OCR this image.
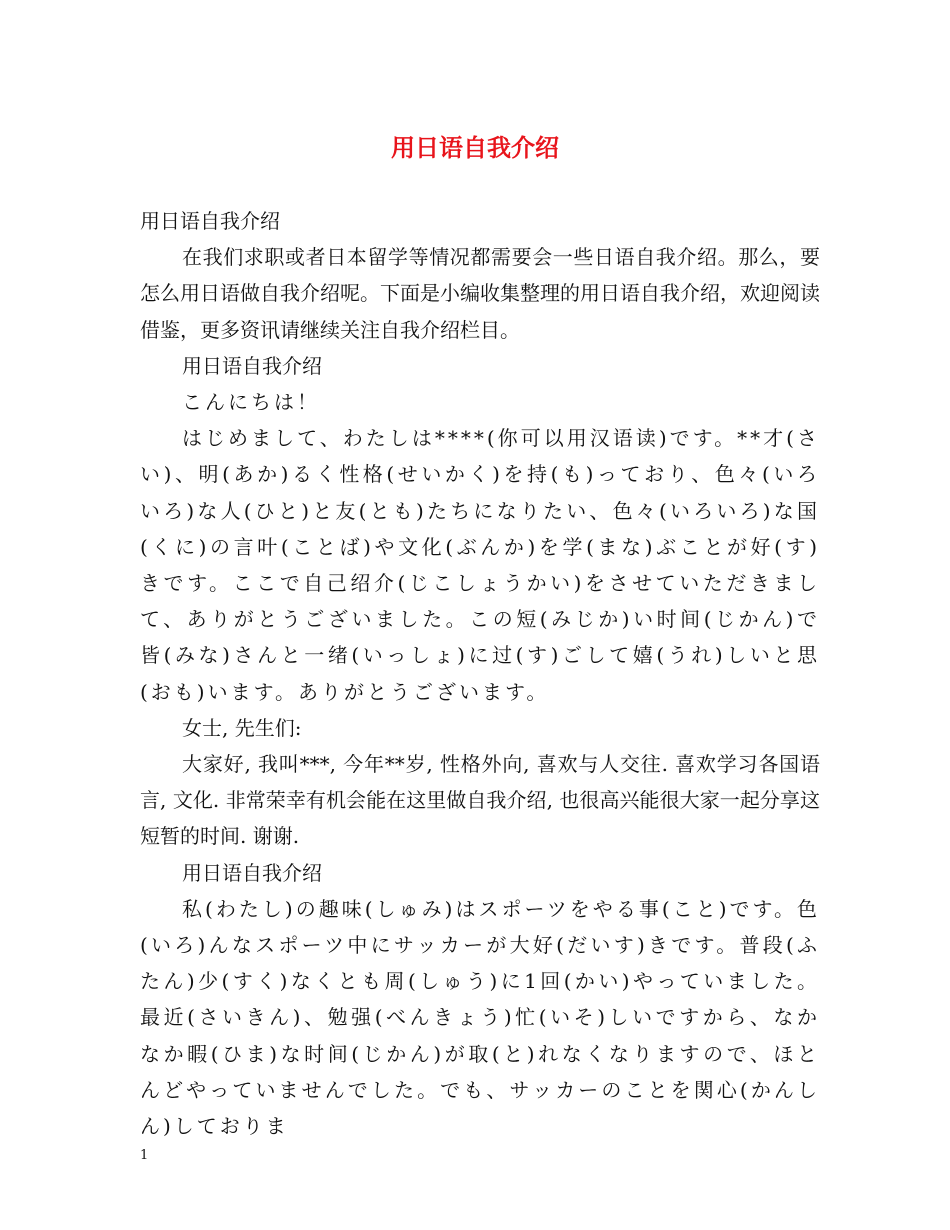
用日语自我介绍

用日语自我介绍

在我们求职或者日本留学等情况都需要会一些日语自我介绍。那么，要怎么用日语做自我介绍呢。下面是小编收集整理的用日语自我介绍，欢迎阅读借鉴，更多资讯请继续关注自我介绍栏目。

用日语自我介绍

こんにちは！

はじめまして、わたしは****(你可以用汉语读)です。**才(さい)、明(あか)るく性格(せいかく)を持(も)っており、色々(いろいろ)な人(ひと)と友(とも)たちになりたい、色々(いろいろ)な国(くに)の言叶(ことば)や文化(ぶんか)を学(まな)ぶことが好(す)きです。ここで自己绍介(じこしょうかい)をさせていただきまして、ありがとうございました。この短(みじか)い时间(じかん)で皆(みな)さんと一绪(いっしょ)に过(す)ごして嬉(うれ)しいと思(おも)います。ありがとうございます。

女士, 先生们:

大家好, 我叫***, 今年**岁, 性格外向, 喜欢与人交往. 喜欢学习各国语言, 文化. 非常荣幸有机会能在这里做自我介绍, 也很高兴能很大家一起分享这短暂的时间. 谢谢.

用日语自我介绍

私(わたし)の趣味(しゅみ)はスポーツをやる事(こと)です。色(いろ)んなスポーツ中にサッカーが大好(だいす)きです。普段(ふたん)少(すく)なくとも周(しゅう)に1回(かい)やっていました。最近(さいきん)、勉强(べんきょう)忙(いそ)しいですから、なかなか暇(ひま)な时间(じかん)が取(と)れなくなりますので、ほとんどやっていませんでした。でも、サッカーのことを関心(かんしん)しておりま

1
